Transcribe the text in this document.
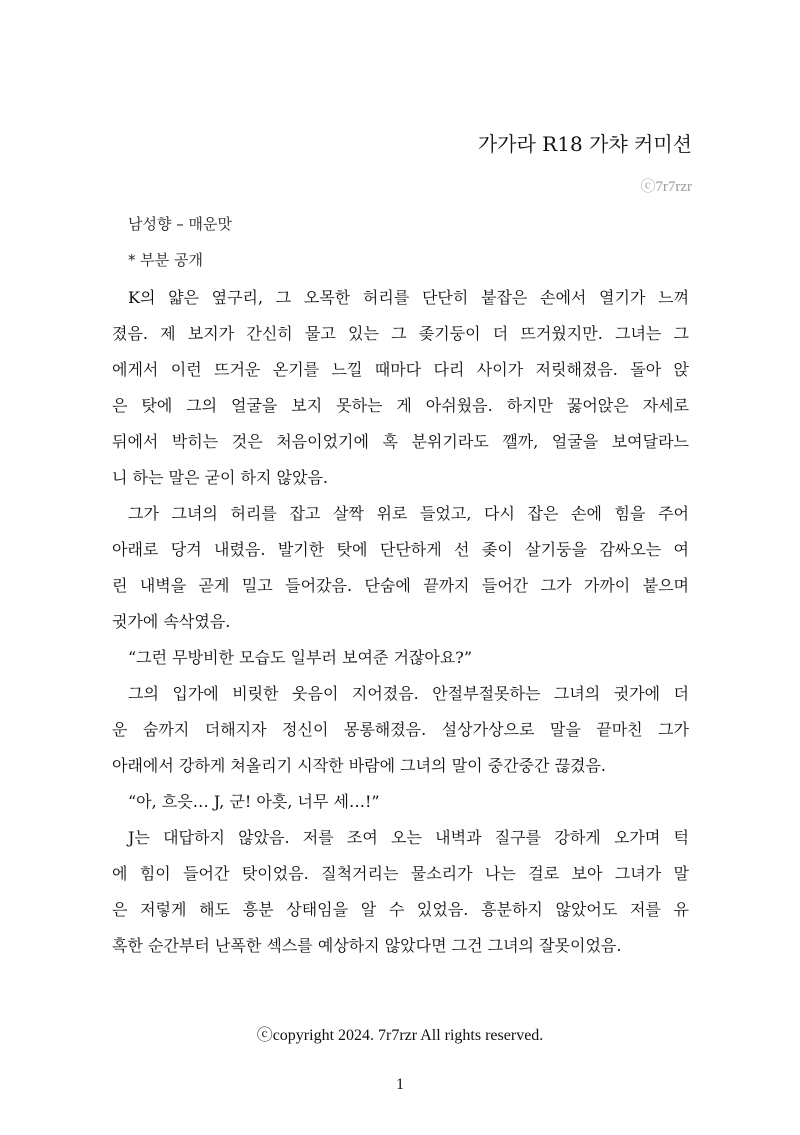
가가라 R18 가챠 커미션
ⓒ7r7rzr
남성향 – 매운맛
* 부분 공개
K의 얇은 옆구리, 그 오목한 허리를 단단히 붙잡은 손에서 열기가 느껴
졌음. 제 보지가 간신히 물고 있는 그 좆기둥이 더 뜨거웠지만. 그녀는 그
에게서 이런 뜨거운 온기를 느낄 때마다 다리 사이가 저릿해졌음. 돌아 앉
은 탓에 그의 얼굴을 보지 못하는 게 아쉬웠음. 하지만 꿇어앉은 자세로
뒤에서 박히는 것은 처음이었기에 혹 분위기라도 깰까, 얼굴을 보여달라느
니 하는 말은 굳이 하지 않았음.
그가 그녀의 허리를 잡고 살짝 위로 들었고, 다시 잡은 손에 힘을 주어
아래로 당겨 내렸음. 발기한 탓에 단단하게 선 좆이 살기둥을 감싸오는 여
린 내벽을 곧게 밀고 들어갔음. 단숨에 끝까지 들어간 그가 가까이 붙으며
귓가에 속삭였음.
“그런 무방비한 모습도 일부러 보여준 거잖아요?”
그의 입가에 비릿한 웃음이 지어졌음. 안절부절못하는 그녀의 귓가에 더
운 숨까지 더해지자 정신이 몽롱해졌음. 설상가상으로 말을 끝마친 그가
아래에서 강하게 쳐올리기 시작한 바람에 그녀의 말이 중간중간 끊겼음.
“아, 흐읏… J, 군! 아흣, 너무 세…!”
J는 대답하지 않았음. 저를 조여 오는 내벽과 질구를 강하게 오가며 턱
에 힘이 들어간 탓이었음. 질척거리는 물소리가 나는 걸로 보아 그녀가 말
은 저렇게 해도 흥분 상태임을 알 수 있었음. 흥분하지 않았어도 저를 유
혹한 순간부터 난폭한 섹스를 예상하지 않았다면 그건 그녀의 잘못이었음.
ⓒcopyright 2024. 7r7rzr All rights reserved.
1
